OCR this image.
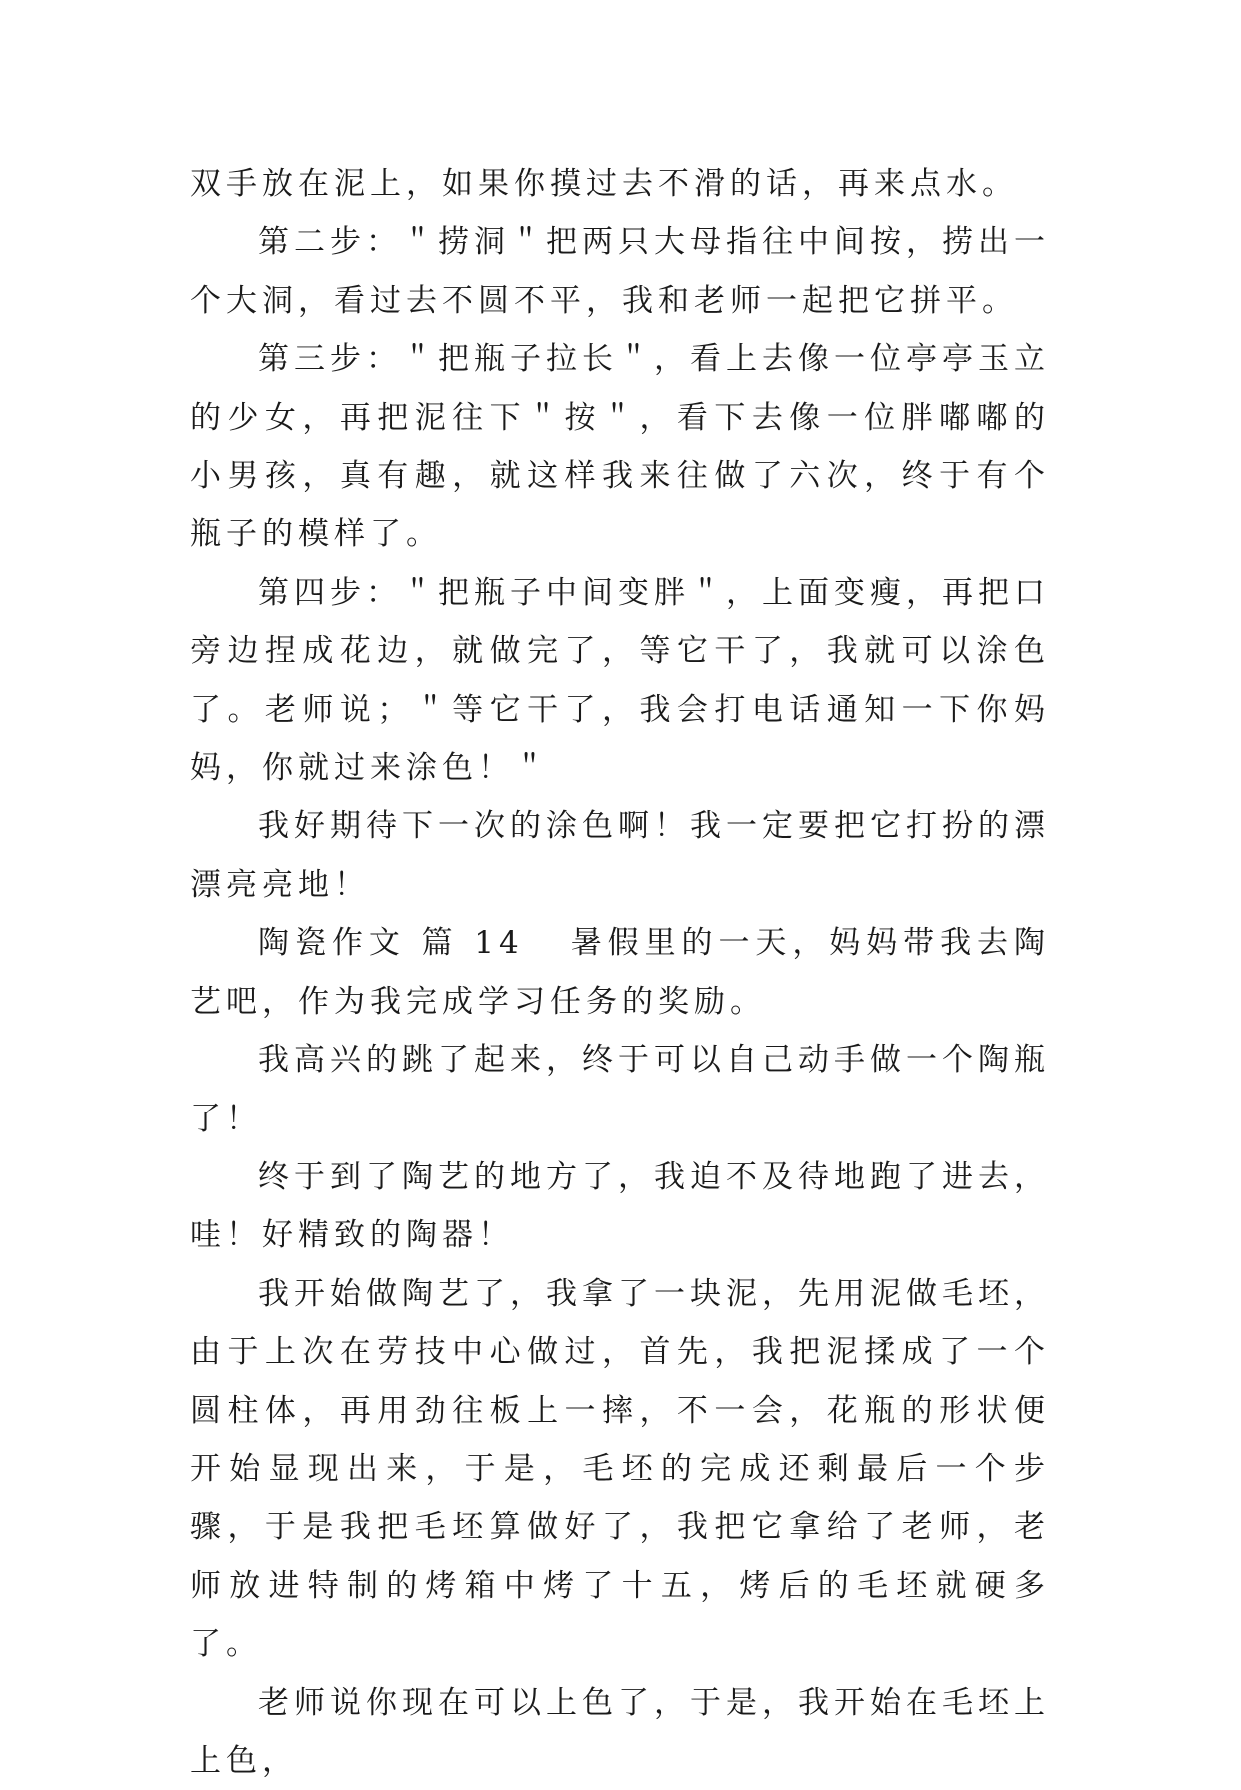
双手放在泥上，如果你摸过去不滑的话，再来点水。

第二步：＂捞洞＂把两只大母指往中间按，捞出一个大洞，看过去不圆不平，我和老师一起把它拼平。

第三步：＂把瓶子拉长＂，看上去像一位亭亭玉立的少女，再把泥往下＂按＂，看下去像一位胖嘟嘟的小男孩，真有趣，就这样我来往做了六次，终于有个瓶子的模样了。

第四步：＂把瓶子中间变胖＂，上面变瘦，再把口旁边捏成花边，就做完了，等它干了，我就可以涂色了。老师说；＂等它干了，我会打电话通知一下你妈妈，你就过来涂色！＂

我好期待下一次的涂色啊！我一定要把它打扮的漂漂亮亮地！

陶瓷作文 篇 14 暑假里的一天，妈妈带我去陶艺吧，作为我完成学习任务的奖励。

我高兴的跳了起来，终于可以自己动手做一个陶瓶了！

终于到了陶艺的地方了，我迫不及待地跑了进去，哇！好精致的陶器！

我开始做陶艺了，我拿了一块泥，先用泥做毛坯，由于上次在劳技中心做过，首先，我把泥揉成了一个圆柱体，再用劲往板上一摔，不一会，花瓶的形状便开始显现出来，于是，毛坯的完成还剩最后一个步骤，于是我把毛坯算做好了，我把它拿给了老师，老师放进特制的烤箱中烤了十五，烤后的毛坯就硬多了。

老师说你现在可以上色了，于是，我开始在毛坯上上色，
